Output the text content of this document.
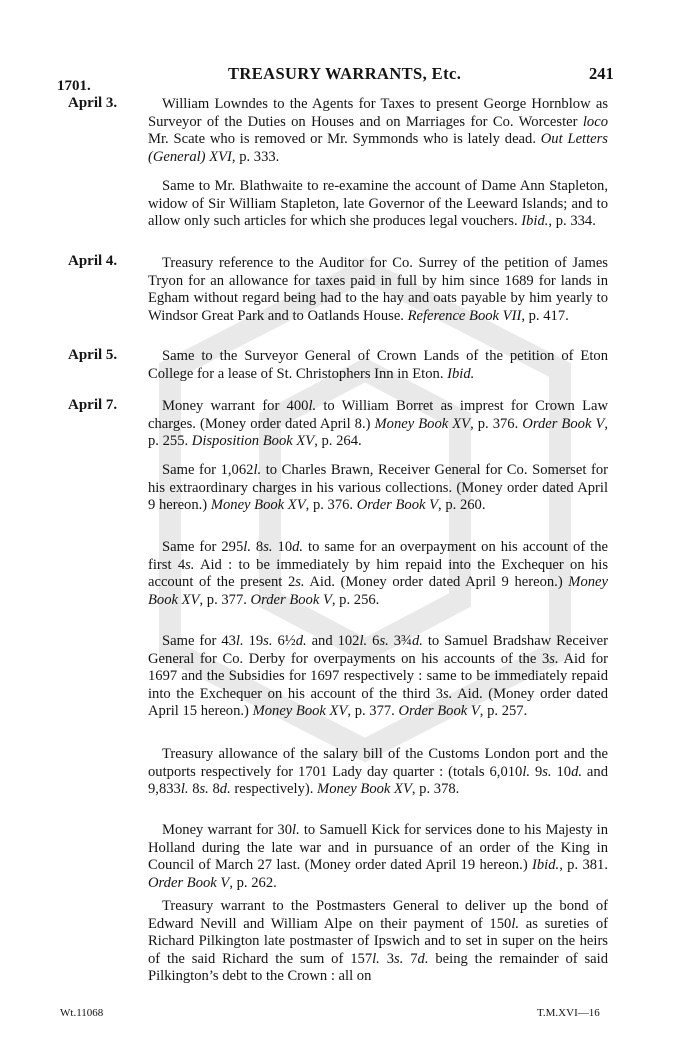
1701.
TREASURY WARRANTS, Etc.	241
April 3.	William Lowndes to the Agents for Taxes to present George Hornblow as Surveyor of the Duties on Houses and on Marriages for Co. Worcester loco Mr. Scate who is removed or Mr. Symmonds who is lately dead. Out Letters (General) XVI, p. 333.
Same to Mr. Blathwaite to re-examine the account of Dame Ann Stapleton, widow of Sir William Stapleton, late Governor of the Leeward Islands; and to allow only such articles for which she produces legal vouchers. Ibid., p. 334.
April 4.	Treasury reference to the Auditor for Co. Surrey of the petition of James Tryon for an allowance for taxes paid in full by him since 1689 for lands in Egham without regard being had to the hay and oats payable by him yearly to Windsor Great Park and to Oatlands House. Reference Book VII, p. 417.
April 5.	Same to the Surveyor General of Crown Lands of the petition of Eton College for a lease of St. Christophers Inn in Eton. Ibid.
April 7.	Money warrant for 400l. to William Borret as imprest for Crown Law charges. (Money order dated April 8.) Money Book XV, p. 376. Order Book V, p. 255. Disposition Book XV, p. 264.
Same for 1,062l. to Charles Brawn, Receiver General for Co. Somerset for his extraordinary charges in his various collections. (Money order dated April 9 hereon.) Money Book XV, p. 376. Order Book V, p. 260.
Same for 295l. 8s. 10d. to same for an overpayment on his account of the first 4s. Aid : to be immediately by him repaid into the Exchequer on his account of the present 2s. Aid. (Money order dated April 9 hereon.) Money Book XV, p. 377. Order Book V, p. 256.
Same for 43l. 19s. 6½d. and 102l. 6s. 3¾d. to Samuel Bradshaw Receiver General for Co. Derby for overpayments on his accounts of the 3s. Aid for 1697 and the Subsidies for 1697 respectively : same to be immediately repaid into the Exchequer on his account of the third 3s. Aid. (Money order dated April 15 hereon.) Money Book XV, p. 377. Order Book V, p. 257.
Treasury allowance of the salary bill of the Customs London port and the outports respectively for 1701 Lady day quarter : (totals 6,010l. 9s. 10d. and 9,833l. 8s. 8d. respectively). Money Book XV, p. 378.
Money warrant for 30l. to Samuell Kick for services done to his Majesty in Holland during the late war and in pursuance of an order of the King in Council of March 27 last. (Money order dated April 19 hereon.) Ibid., p. 381. Order Book V, p. 262.
Treasury warrant to the Postmasters General to deliver up the bond of Edward Nevill and William Alpe on their payment of 150l. as sureties of Richard Pilkington late postmaster of Ipswich and to set in super on the heirs of the said Richard the sum of 157l. 3s. 7d. being the remainder of said Pilkington’s debt to the Crown : all on
Wt.11068	T.M.XVI—16
